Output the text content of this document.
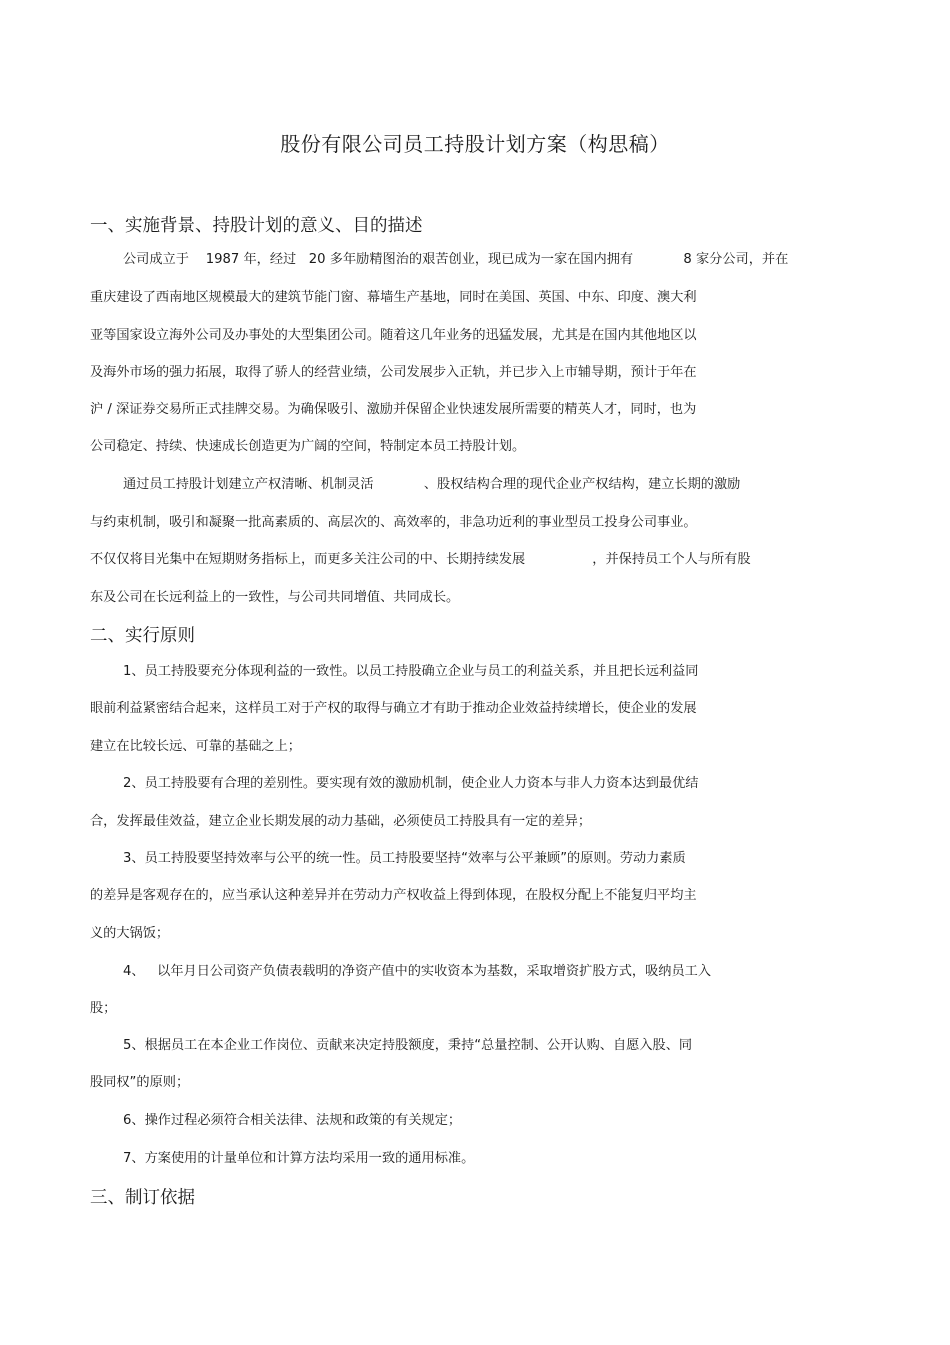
股份有限公司员工持股计划方案（构思稿）
一、实施背景、持股计划的意义、目的描述
公司成立于    1987 年，经过   20 多年励精图治的艰苦创业，现已成为一家在国内拥有            8 家分公司，并在
重庆建设了西南地区规模最大的建筑节能门窗、幕墙生产基地，同时在美国、英国、中东、印度、澳大利
亚等国家设立海外公司及办事处的大型集团公司。随着这几年业务的迅猛发展，尤其是在国内其他地区以
及海外市场的强力拓展，取得了骄人的经营业绩，公司发展步入正轨，并已步入上市辅导期，预计于年在
沪 / 深证券交易所正式挂牌交易。为确保吸引、激励并保留企业快速发展所需要的精英人才，同时，也为
公司稳定、持续、快速成长创造更为广阔的空间，特制定本员工持股计划。
通过员工持股计划建立产权清晰、机制灵活            、股权结构合理的现代企业产权结构，建立长期的激励
与约束机制，吸引和凝聚一批高素质的、高层次的、高效率的，非急功近利的事业型员工投身公司事业。
不仅仅将目光集中在短期财务指标上，而更多关注公司的中、长期持续发展                ，并保持员工个人与所有股
东及公司在长远利益上的一致性，与公司共同增值、共同成长。
二、实行原则
1、员工持股要充分体现利益的一致性。以员工持股确立企业与员工的利益关系，并且把长远利益同
眼前利益紧密结合起来，这样员工对于产权的取得与确立才有助于推动企业效益持续增长，使企业的发展
建立在比较长远、可靠的基础之上；
2、员工持股要有合理的差别性。要实现有效的激励机制，使企业人力资本与非人力资本达到最优结
合，发挥最佳效益，建立企业长期发展的动力基础，必须使员工持股具有一定的差异；
3、员工持股要坚持效率与公平的统一性。员工持股要坚持“效率与公平兼顾”的原则。劳动力素质
的差异是客观存在的，应当承认这种差异并在劳动力产权收益上得到体现，在股权分配上不能复归平均主
义的大锅饭；
4、   以年月日公司资产负债表载明的净资产值中的实收资本为基数，采取增资扩股方式，吸纳员工入
股；
5、根据员工在本企业工作岗位、贡献来决定持股额度，秉持“总量控制、公开认购、自愿入股、同
股同权”的原则；
6、操作过程必须符合相关法律、法规和政策的有关规定；
7、方案使用的计量单位和计算方法均采用一致的通用标准。
三、制订依据
